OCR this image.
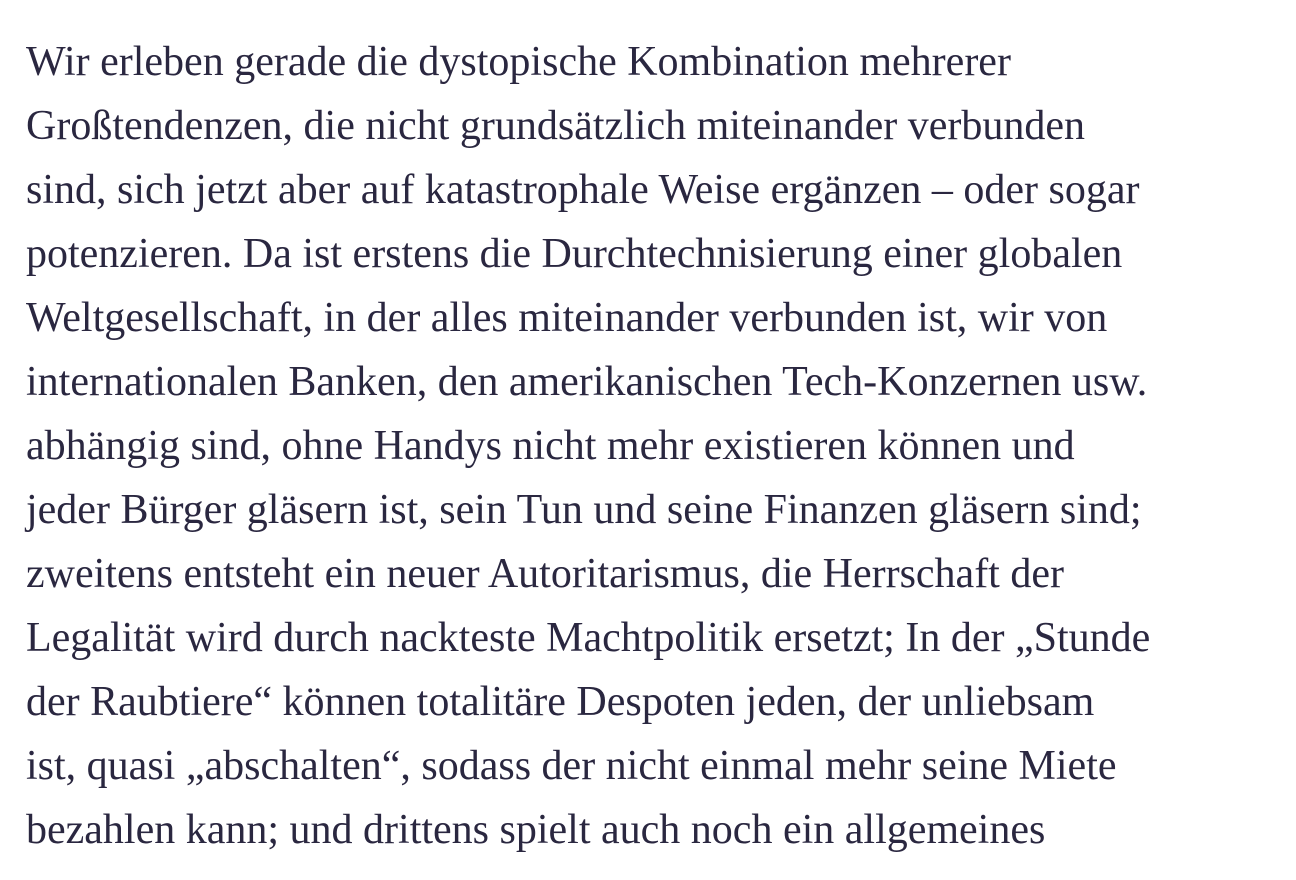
Wir erleben gerade die dystopische Kombination mehrerer
Großtendenzen, die nicht grundsätzlich miteinander verbunden
sind, sich jetzt aber auf katastrophale Weise ergänzen – oder sogar
potenzieren. Da ist erstens die Durchtechnisierung einer globalen
Weltgesellschaft, in der alles miteinander verbunden ist, wir von
internationalen Banken, den amerikanischen Tech-Konzernen usw.
abhängig sind, ohne Handys nicht mehr existieren können und
jeder Bürger gläsern ist, sein Tun und seine Finanzen gläsern sind;
zweitens entsteht ein neuer Autoritarismus, die Herrschaft der
Legalität wird durch nackteste Machtpolitik ersetzt; In der „Stunde
der Raubtiere“ können totalitäre Despoten jeden, der unliebsam
ist, quasi „abschalten“, sodass der nicht einmal mehr seine Miete
bezahlen kann; und drittens spielt auch noch ein allgemeines
